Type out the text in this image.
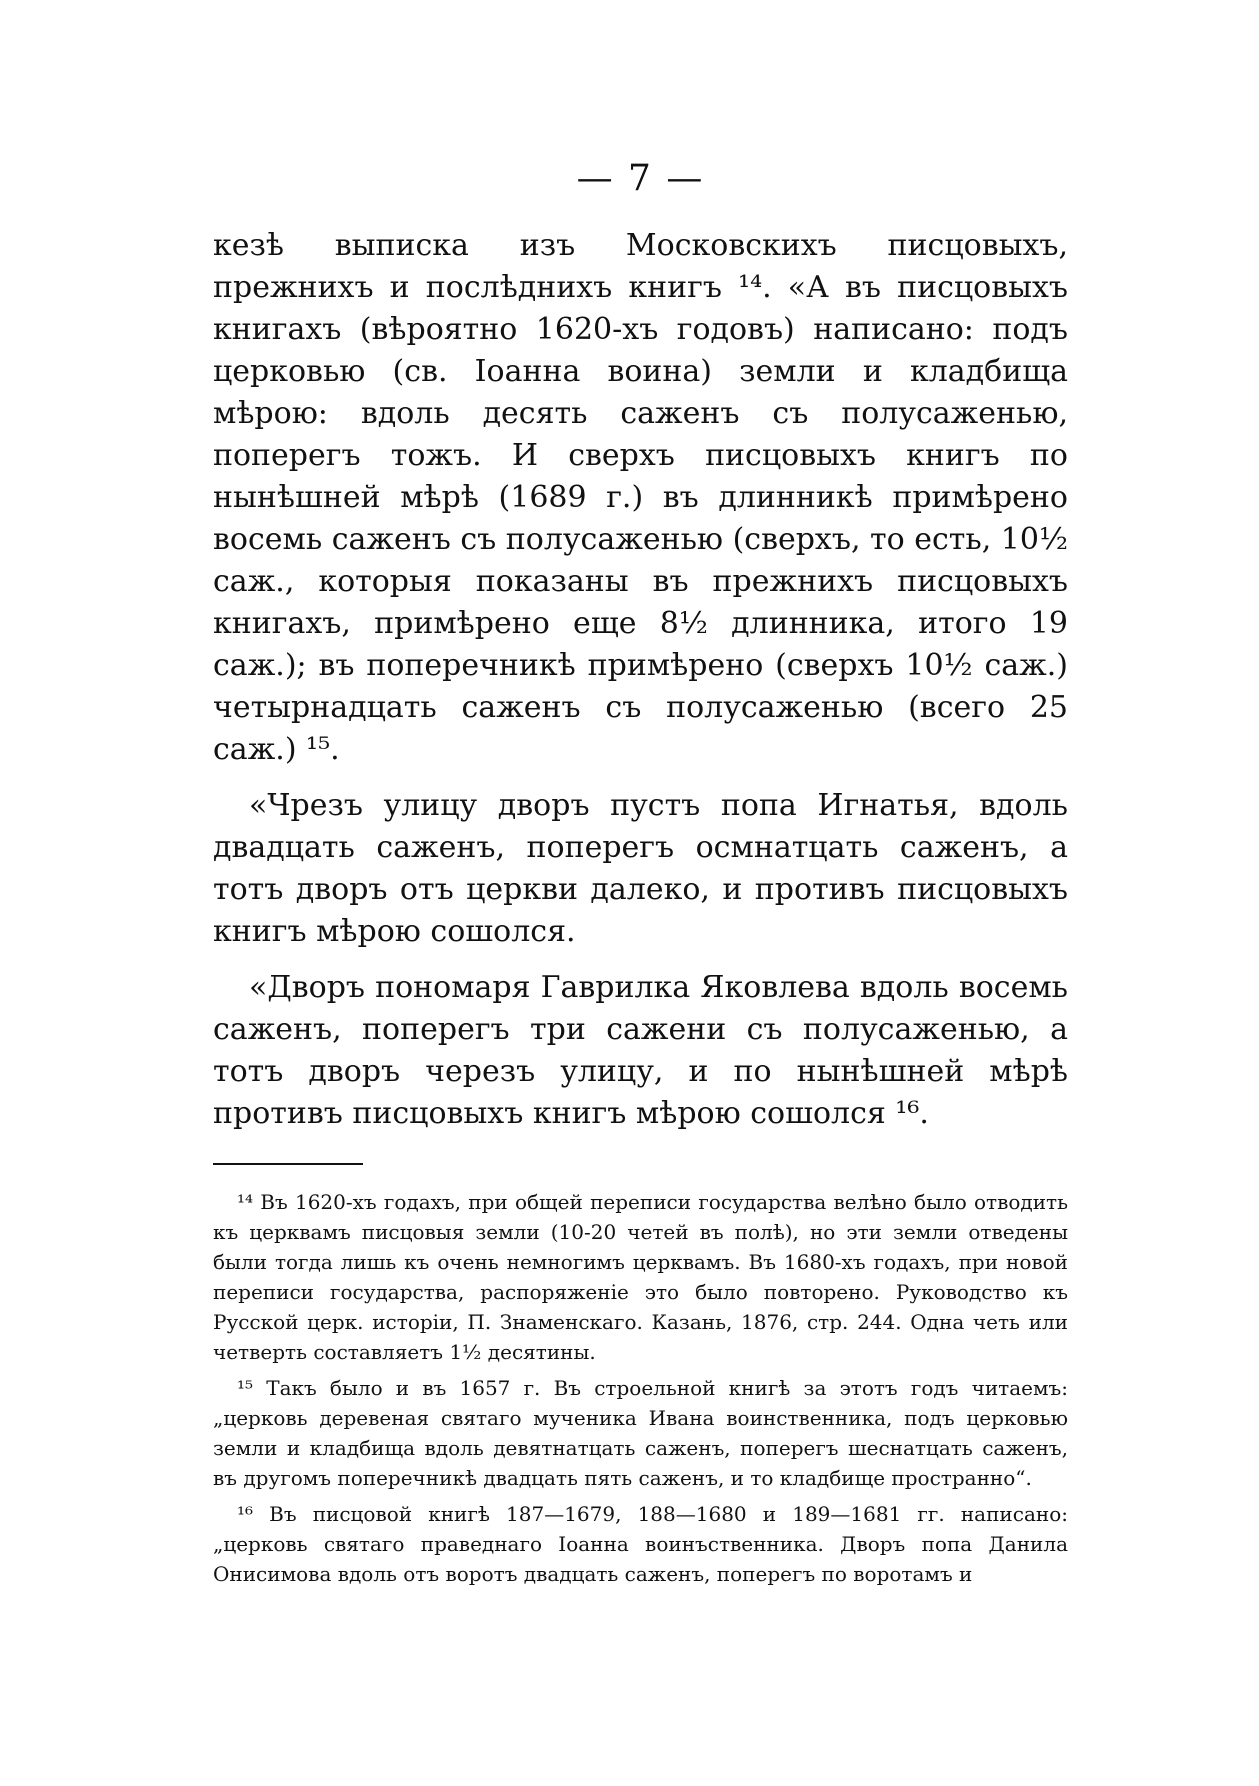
— 7 —

кезѣ выписка изъ Московскихъ писцовыхъ, прежнихъ и послѣднихъ книгъ ¹⁴. «А въ писцовыхъ книгахъ (вѣроятно 1620-хъ годовъ) написано: подъ церковью (св. Іоанна воина) земли и кладбища мѣрою: вдоль десять саженъ съ полусаженью, поперегъ тожъ. И сверхъ писцовыхъ книгъ по нынѣшней мѣрѣ (1689 г.) въ длинникѣ примѣрено восемь саженъ съ полусаженью (сверхъ, то есть, 10½ саж., которыя показаны въ прежнихъ писцовыхъ книгахъ, примѣрено еще 8½ длинника, итого 19 саж.); въ поперечникѣ примѣрено (сверхъ 10½ саж.) четырнадцать саженъ съ полусаженью (всего 25 саж.) ¹⁵.

«Чрезъ улицу дворъ пустъ попа Игнатья, вдоль двадцать саженъ, поперегъ осмнатцать саженъ, а тотъ дворъ отъ церкви далеко, и противъ писцовыхъ книгъ мѣрою сошолся.

«Дворъ пономаря Гаврилка Яковлева вдоль восемь саженъ, поперегъ три сажени съ полусаженью, а тотъ дворъ черезъ улицу, и по нынѣшней мѣрѣ противъ писцовыхъ книгъ мѣрою сошолся ¹⁶.

¹⁴ Въ 1620-хъ годахъ, при общей переписи государства велѣно было отводить къ церквамъ писцовыя земли (10-20 четей въ полѣ), но эти земли отведены были тогда лишь къ очень немногимъ церквамъ. Въ 1680-хъ годахъ, при новой переписи государства, распоряженіе это было повторено. Руководство къ Русской церк. исторіи, П. Знаменскаго. Казань, 1876, стр. 244. Одна четь или четверть составляетъ 1½ десятины.

¹⁵ Такъ было и въ 1657 г. Въ строельной книгѣ за этотъ годъ читаемъ: „церковь деревеная святаго мученика Ивана воинственника, подъ церковью земли и кладбища вдоль девятнатцать саженъ, поперегъ шеснатцать саженъ, въ другомъ поперечникѣ двадцать пять саженъ, и то кладбище пространно“.

¹⁶ Въ писцовой книгѣ 187—1679, 188—1680 и 189—1681 гг. написано: „церковь святаго праведнаго Іоанна воинъственника. Дворъ попа Данила Онисимова вдоль отъ воротъ двадцать саженъ, поперегъ по воротамъ и
